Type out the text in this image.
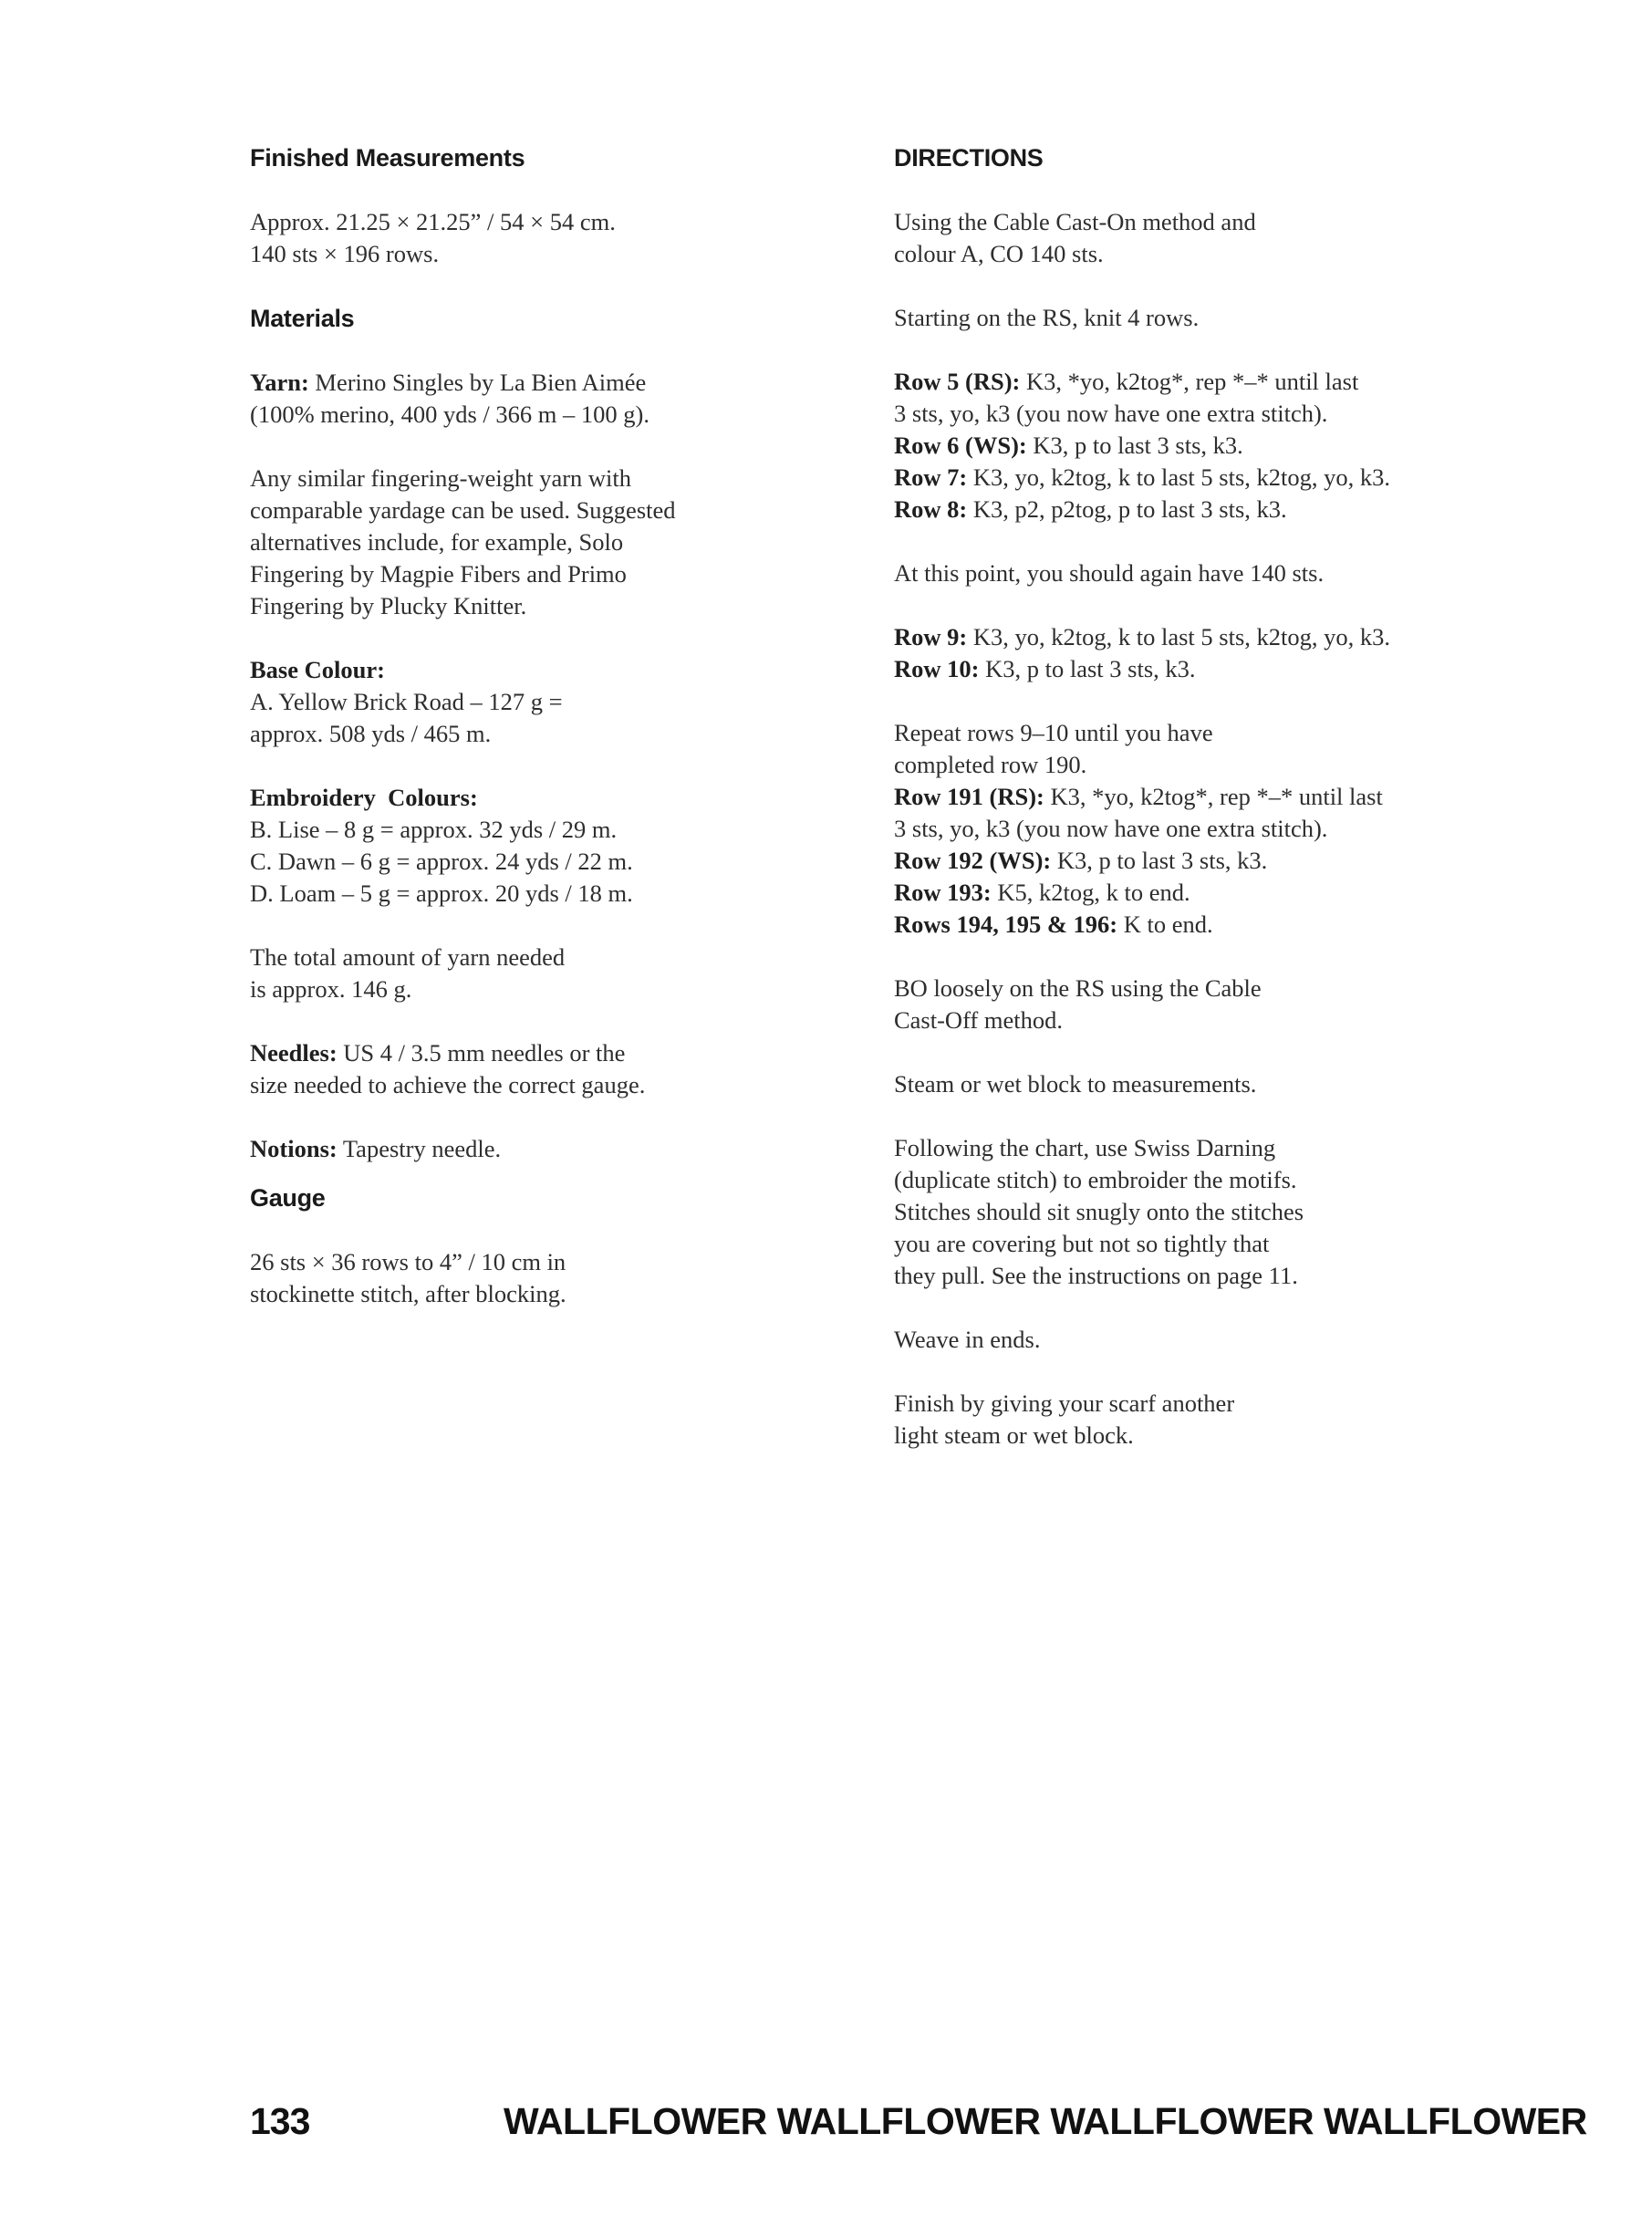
Finished Measurements

Approx. 21.25 × 21.25” / 54 × 54 cm.
140 sts × 196 rows.

Materials

Yarn: Merino Singles by La Bien Aimée
(100% merino, 400 yds / 366 m – 100 g).

Any similar fingering-weight yarn with
comparable yardage can be used. Suggested
alternatives include, for example, Solo
Fingering by Magpie Fibers and Primo
Fingering by Plucky Knitter.

Base Colour:
A. Yellow Brick Road – 127 g =
approx. 508 yds / 465 m.

Embroidery  Colours:
B. Lise – 8 g = approx. 32 yds / 29 m.
C. Dawn – 6 g = approx. 24 yds / 22 m.
D. Loam – 5 g = approx. 20 yds / 18 m.

The total amount of yarn needed
is approx. 146 g.

Needles: US 4 / 3.5 mm needles or the
size needed to achieve the correct gauge.

Notions: Tapestry needle.

Gauge

26 sts × 36 rows to 4” / 10 cm in
stockinette stitch, after blocking.

DIRECTIONS

Using the Cable Cast-On method and
colour A, CO 140 sts.

Starting on the RS, knit 4 rows.

Row 5 (RS): K3, *yo, k2tog*, rep *–* until last
3 sts, yo, k3 (you now have one extra stitch).
Row 6 (WS): K3, p to last 3 sts, k3.
Row 7: K3, yo, k2tog, k to last 5 sts, k2tog, yo, k3.
Row 8: K3, p2, p2tog, p to last 3 sts, k3.

At this point, you should again have 140 sts.

Row 9: K3, yo, k2tog, k to last 5 sts, k2tog, yo, k3.
Row 10: K3, p to last 3 sts, k3.

Repeat rows 9–10 until you have
completed row 190.
Row 191 (RS): K3, *yo, k2tog*, rep *–* until last
3 sts, yo, k3 (you now have one extra stitch).
Row 192 (WS): K3, p to last 3 sts, k3.
Row 193: K5, k2tog, k to end.
Rows 194, 195 & 196: K to end.

BO loosely on the RS using the Cable
Cast-Off method.

Steam or wet block to measurements.

Following the chart, use Swiss Darning
(duplicate stitch) to embroider the motifs.
Stitches should sit snugly onto the stitches
you are covering but not so tightly that
they pull. See the instructions on page 11.

Weave in ends.

Finish by giving your scarf another
light steam or wet block.

133	WALLFLOWER WALLFLOWER WALLFLOWER WALLFLOWER
